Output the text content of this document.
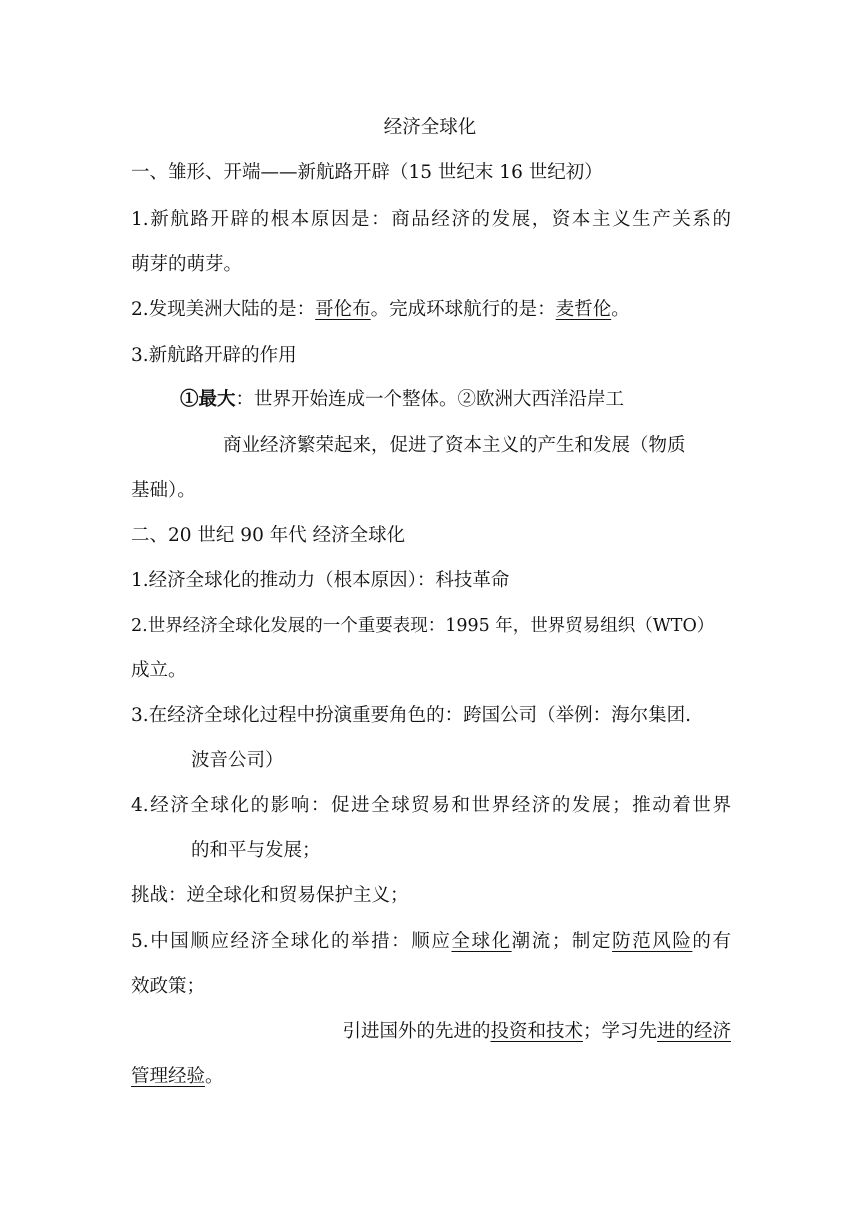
经济全球化
一、雏形、开端——新航路开辟（15 世纪末 16 世纪初）
1.新航路开辟的根本原因是：商品经济的发展，资本主义生产关系的
萌芽的萌芽。
2.发现美洲大陆的是：哥伦布。完成环球航行的是：麦哲伦。
3.新航路开辟的作用
①最大：世界开始连成一个整体。②欧洲大西洋沿岸工
商业经济繁荣起来，促进了资本主义的产生和发展（物质
基础）。
二、20 世纪 90 年代 经济全球化
1.经济全球化的推动力（根本原因）：科技革命
2.世界经济全球化发展的一个重要表现：1995 年，世界贸易组织（WTO）
成立。
3.在经济全球化过程中扮演重要角色的：跨国公司（举例：海尔集团.
波音公司）
4.经济全球化的影响：促进全球贸易和世界经济的发展；推动着世界
的和平与发展；
挑战：逆全球化和贸易保护主义；
5.中国顺应经济全球化的举措：顺应全球化潮流；制定防范风险的有
效政策；
引进国外的先进的投资和技术；学习先进的经济
管理经验。
